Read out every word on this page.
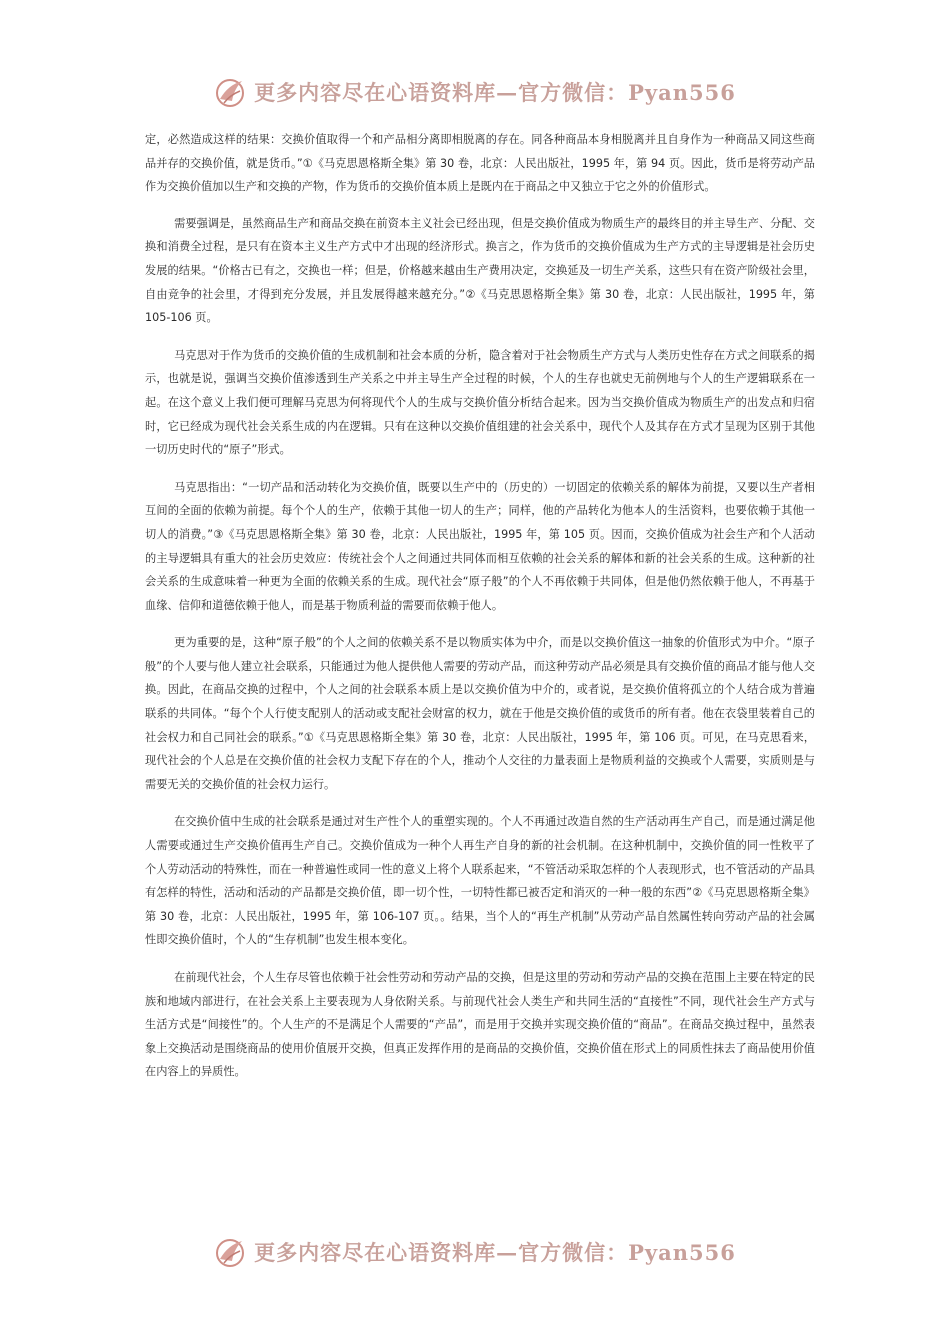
更多内容尽在心语资料库—官方微信： Pyan556

定，必然造成这样的结果：交换价值取得一个和产品相分离即相脱离的存在。同各种商品本身相脱离并且自身作为一种商品又同这些商品并存的交换价值，就是货币。”①《马克思恩格斯全集》第 30 卷，北京：人民出版社，1995 年，第 94 页。因此，货币是将劳动产品作为交换价值加以生产和交换的产物，作为货币的交换价值本质上是既内在于商品之中又独立于它之外的价值形式。

需要强调是，虽然商品生产和商品交换在前资本主义社会已经出现，但是交换价值成为物质生产的最终目的并主导生产、分配、交换和消费全过程，是只有在资本主义生产方式中才出现的经济形式。换言之，作为货币的交换价值成为生产方式的主导逻辑是社会历史发展的结果。“价格古已有之，交换也一样；但是，价格越来越由生产费用决定，交换延及一切生产关系，这些只有在资产阶级社会里，自由竞争的社会里，才得到充分发展，并且发展得越来越充分。”②《马克思恩格斯全集》第 30 卷，北京：人民出版社，1995 年，第 105-106 页。

马克思对于作为货币的交换价值的生成机制和社会本质的分析，隐含着对于社会物质生产方式与人类历史性存在方式之间联系的揭示，也就是说，强调当交换价值渗透到生产关系之中并主导生产全过程的时候，个人的生存也就史无前例地与个人的生产逻辑联系在一起。在这个意义上我们便可理解马克思为何将现代个人的生成与交换价值分析结合起来。因为当交换价值成为物质生产的出发点和归宿时，它已经成为现代社会关系生成的内在逻辑。只有在这种以交换价值组建的社会关系中，现代个人及其存在方式才呈现为区别于其他一切历史时代的“原子”形式。

马克思指出：“一切产品和活动转化为交换价值，既要以生产中的（历史的）一切固定的依赖关系的解体为前提，又要以生产者相互间的全面的依赖为前提。每个个人的生产，依赖于其他一切人的生产；同样，他的产品转化为他本人的生活资料，也要依赖于其他一切人的消费。”③《马克思恩格斯全集》第 30 卷，北京：人民出版社，1995 年，第 105 页。因而，交换价值成为社会生产和个人活动的主导逻辑具有重大的社会历史效应：传统社会个人之间通过共同体而相互依赖的社会关系的解体和新的社会关系的生成。这种新的社会关系的生成意味着一种更为全面的依赖关系的生成。现代社会“原子般”的个人不再依赖于共同体，但是他仍然依赖于他人，不再基于血缘、信仰和道德依赖于他人，而是基于物质利益的需要而依赖于他人。

更为重要的是，这种“原子般”的个人之间的依赖关系不是以物质实体为中介，而是以交换价值这一抽象的价值形式为中介。“原子般”的个人要与他人建立社会联系，只能通过为他人提供他人需要的劳动产品，而这种劳动产品必须是具有交换价值的商品才能与他人交换。因此，在商品交换的过程中，个人之间的社会联系本质上是以交换价值为中介的，或者说，是交换价值将孤立的个人结合成为普遍联系的共同体。“每个个人行使支配别人的活动或支配社会财富的权力，就在于他是交换价值的或货币的所有者。他在衣袋里装着自己的社会权力和自己同社会的联系。”①《马克思恩格斯全集》第 30 卷，北京：人民出版社，1995 年，第 106 页。可见，在马克思看来，现代社会的个人总是在交换价值的社会权力支配下存在的个人，推动个人交往的力量表面上是物质利益的交换或个人需要，实质则是与需要无关的交换价值的社会权力运行。

在交换价值中生成的社会联系是通过对生产性个人的重塑实现的。个人不再通过改造自然的生产活动再生产自己，而是通过满足他人需要或通过生产交换价值再生产自己。交换价值成为一种个人再生产自身的新的社会机制。在这种机制中，交换价值的同一性敉平了个人劳动活动的特殊性，而在一种普遍性或同一性的意义上将个人联系起来，“不管活动采取怎样的个人表现形式，也不管活动的产品具有怎样的特性，活动和活动的产品都是交换价值，即一切个性，一切特性都已被否定和消灭的一种一般的东西”②《马克思恩格斯全集》第 30 卷，北京：人民出版社，1995 年，第 106-107 页。。结果，当个人的“再生产机制”从劳动产品自然属性转向劳动产品的社会属性即交换价值时，个人的“生存机制”也发生根本变化。

在前现代社会，个人生存尽管也依赖于社会性劳动和劳动产品的交换，但是这里的劳动和劳动产品的交换在范围上主要在特定的民族和地域内部进行，在社会关系上主要表现为人身依附关系。与前现代社会人类生产和共同生活的“直接性”不同，现代社会生产方式与生活方式是“间接性”的。个人生产的不是满足个人需要的“产品”，而是用于交换并实现交换价值的“商品”。在商品交换过程中，虽然表象上交换活动是围绕商品的使用价值展开交换，但真正发挥作用的是商品的交换价值，交换价值在形式上的同质性抹去了商品使用价值在内容上的异质性。

更多内容尽在心语资料库—官方微信： Pyan556
